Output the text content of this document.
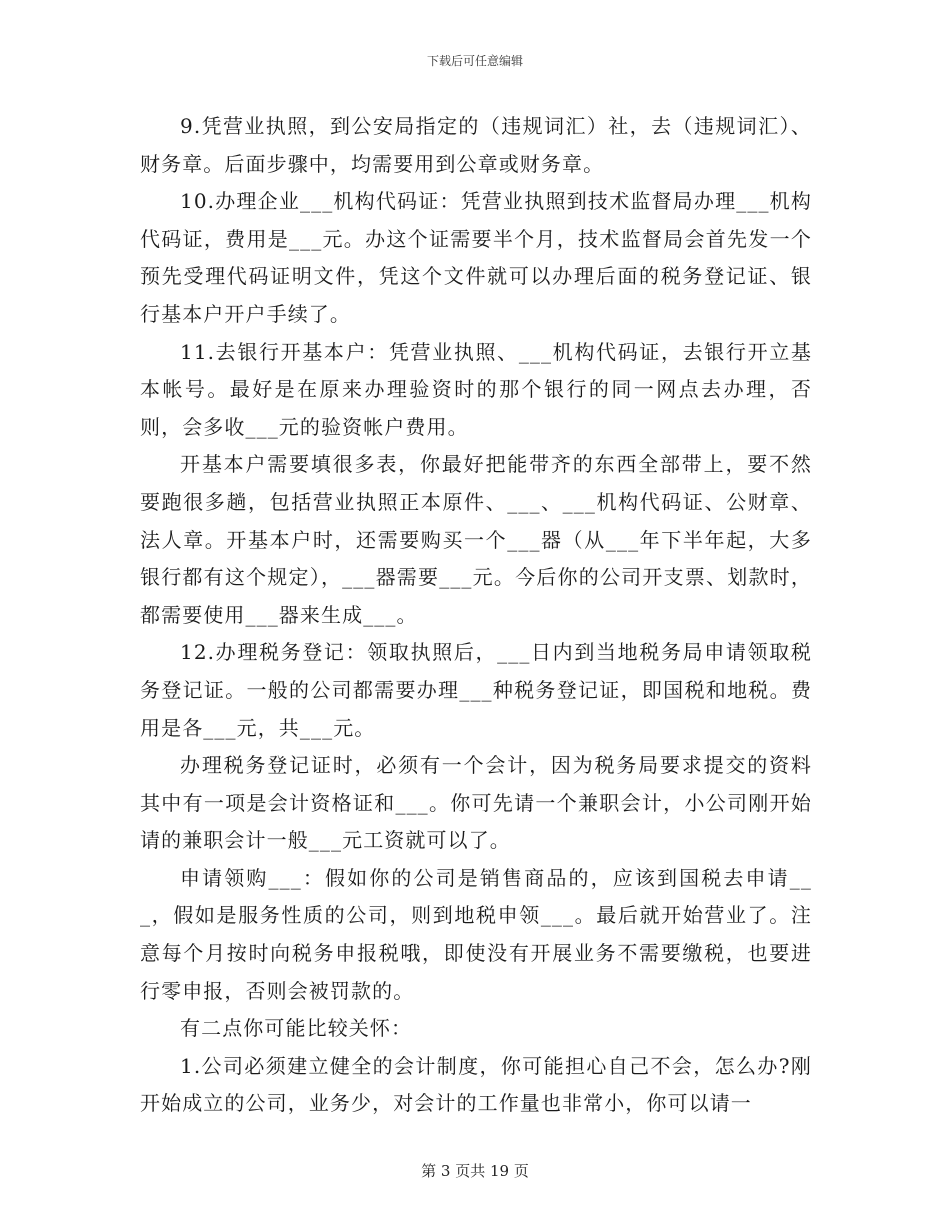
下载后可任意编辑

9.凭营业执照，到公安局指定的（违规词汇）社，去（违规词汇）、财务章。后面步骤中，均需要用到公章或财务章。

10.办理企业___机构代码证：凭营业执照到技术监督局办理___机构代码证，费用是___元。办这个证需要半个月，技术监督局会首先发一个预先受理代码证明文件，凭这个文件就可以办理后面的税务登记证、银行基本户开户手续了。

11.去银行开基本户：凭营业执照、___机构代码证，去银行开立基本帐号。最好是在原来办理验资时的那个银行的同一网点去办理，否则，会多收___元的验资帐户费用。

开基本户需要填很多表，你最好把能带齐的东西全部带上，要不然要跑很多趟，包括营业执照正本原件、___、___机构代码证、公财章、法人章。开基本户时，还需要购买一个___器（从___年下半年起，大多银行都有这个规定），___器需要___元。今后你的公司开支票、划款时，都需要使用___器来生成___。

12.办理税务登记：领取执照后，___日内到当地税务局申请领取税务登记证。一般的公司都需要办理___种税务登记证，即国税和地税。费用是各___元，共___元。

办理税务登记证时，必须有一个会计，因为税务局要求提交的资料其中有一项是会计资格证和___。你可先请一个兼职会计，小公司刚开始请的兼职会计一般___元工资就可以了。

申请领购___：假如你的公司是销售商品的，应该到国税去申请___，假如是服务性质的公司，则到地税申领___。最后就开始营业了。注意每个月按时向税务申报税哦，即使没有开展业务不需要缴税，也要进行零申报，否则会被罚款的。

有二点你可能比较关怀：

1.公司必须建立健全的会计制度，你可能担心自己不会，怎么办?刚开始成立的公司，业务少，对会计的工作量也非常小，你可以请一

第 3 页共 19 页
